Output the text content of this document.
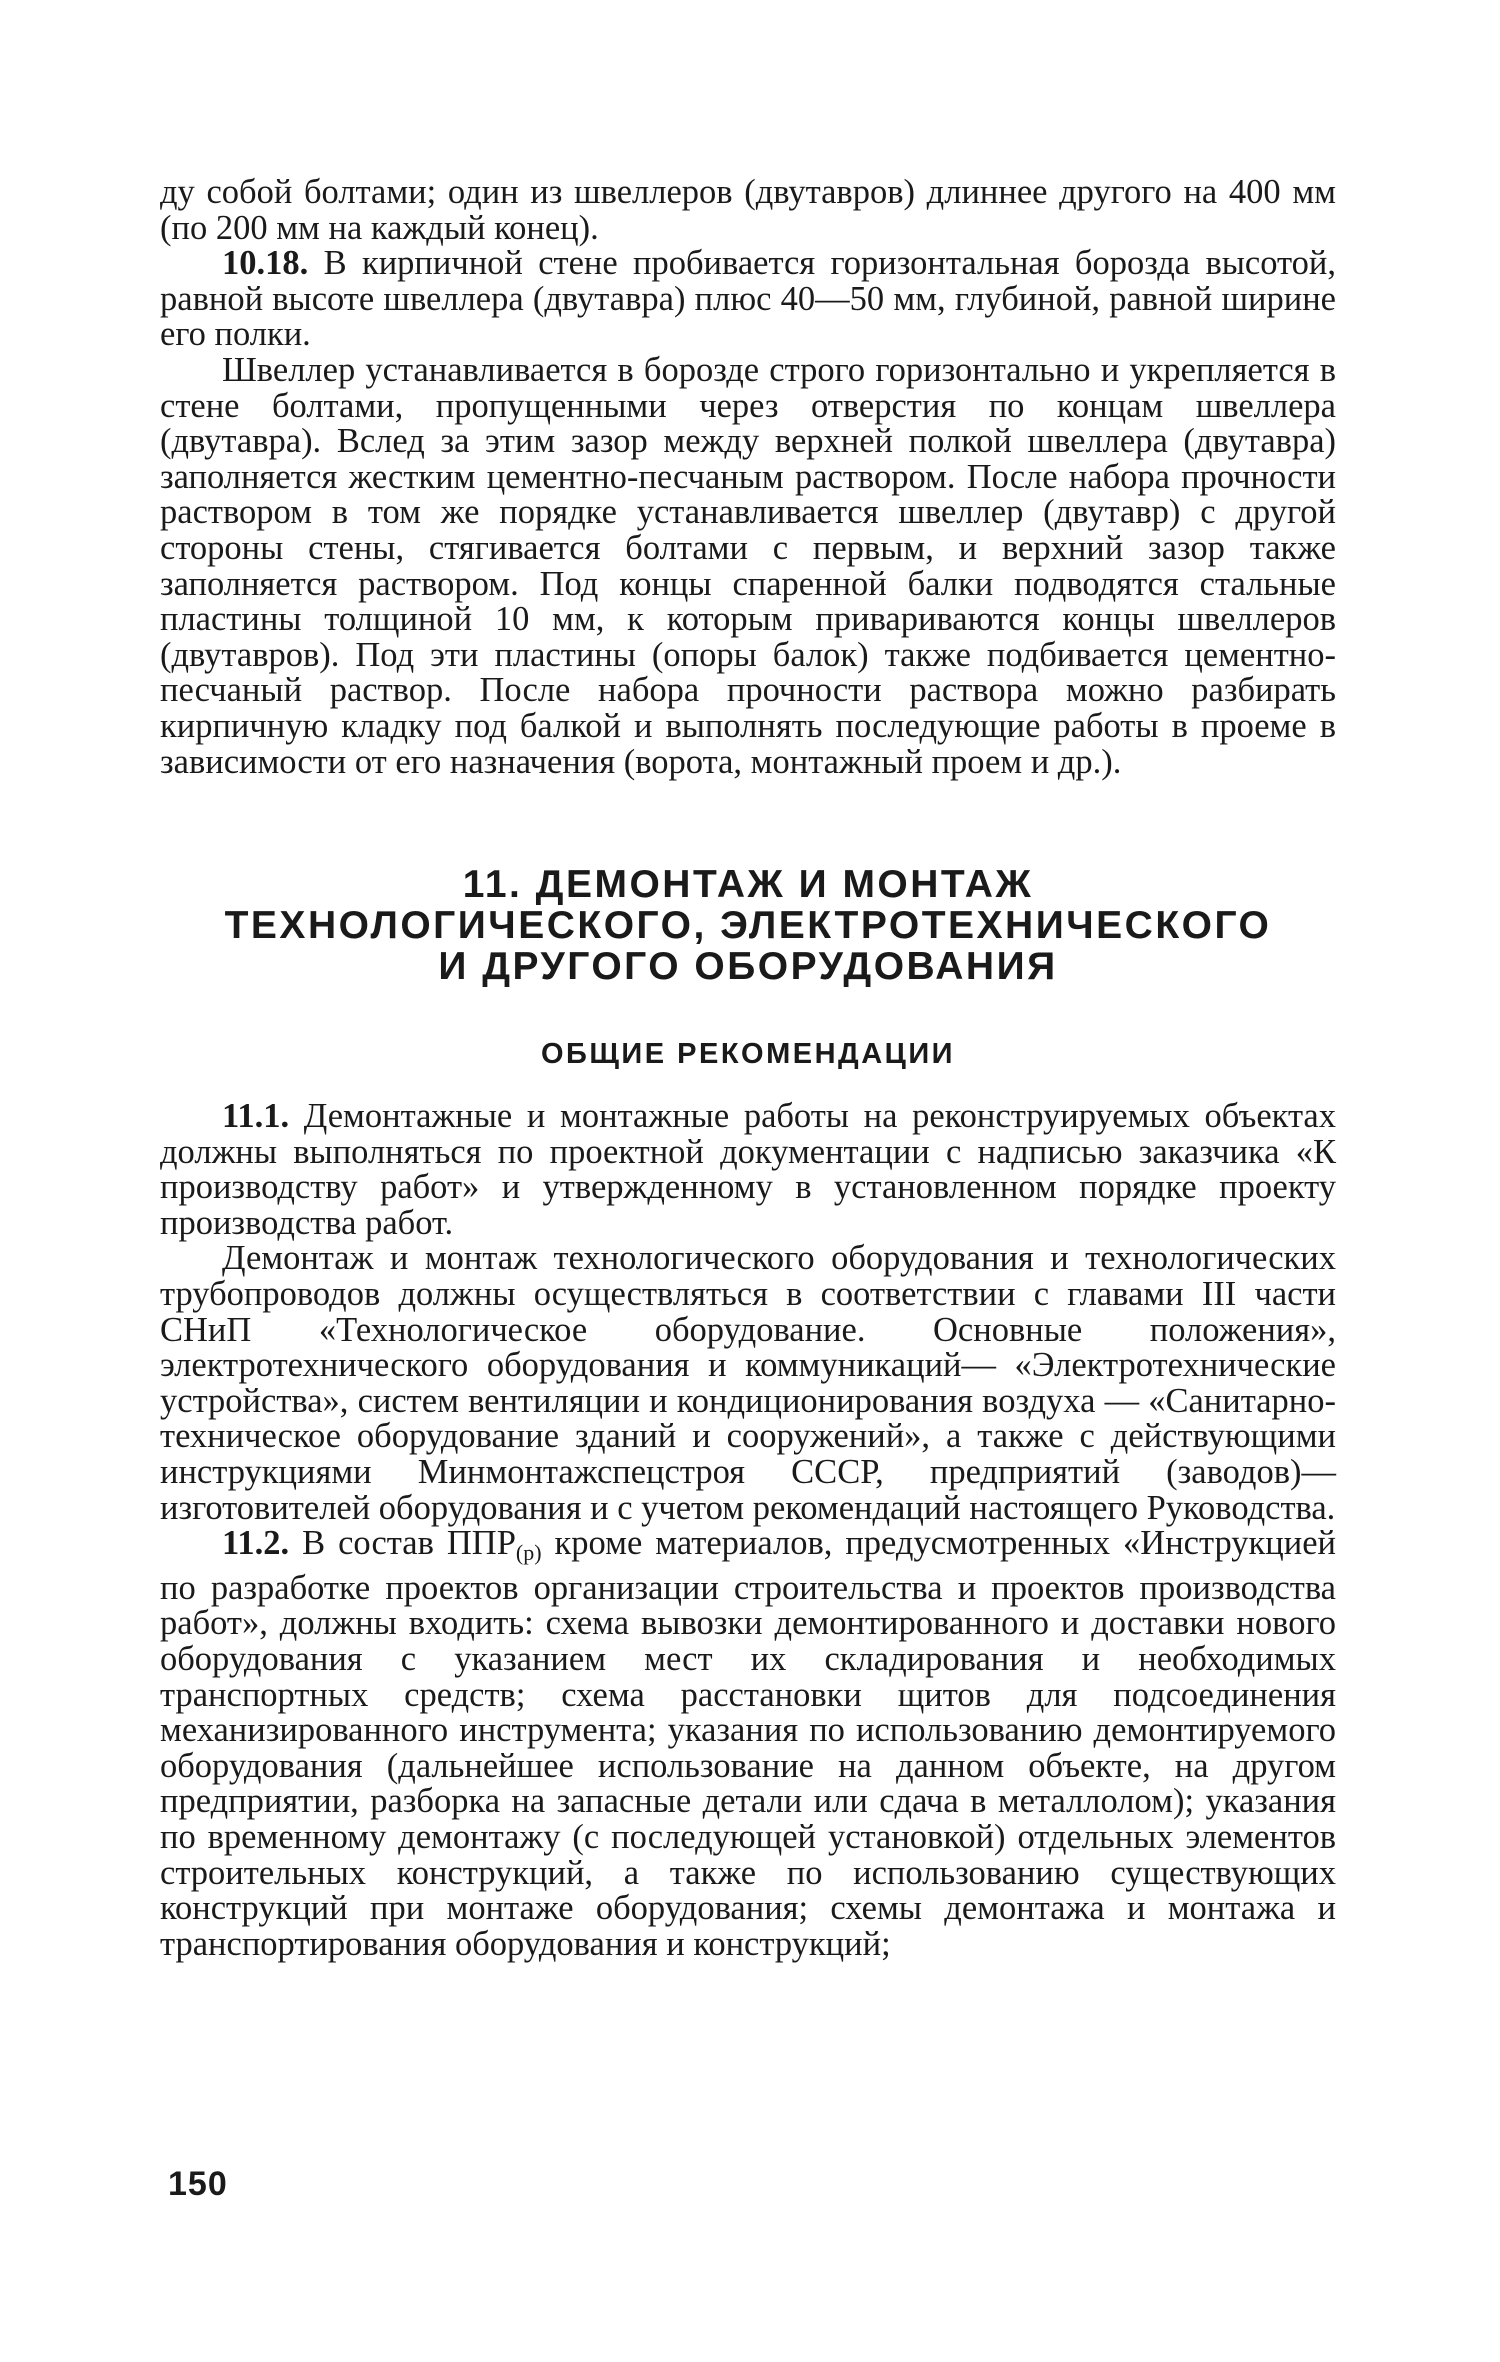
ду собой болтами; один из швеллеров (двутавров) длиннее другого на 400 мм (по 200 мм на каждый конец).

10.18. В кирпичной стене пробивается горизонтальная борозда высотой, равной высоте швеллера (двутавра) плюс 40—50 мм, глубиной, равной ширине его полки.

Швеллер устанавливается в борозде строго горизонтально и укрепляется в стене болтами, пропущенными через отверстия по концам швеллера (двутавра). Вслед за этим зазор между верхней полкой швеллера (двутавра) заполняется жестким цементно-песчаным раствором. После набора прочности раствором в том же порядке устанавливается швеллер (двутавр) с другой стороны стены, стягивается болтами с первым, и верхний зазор также заполняется раствором. Под концы спаренной балки подводятся стальные пластины толщиной 10 мм, к которым привариваются концы швеллеров (двутавров). Под эти пластины (опоры балок) также подбивается цементно-песчаный раствор. После набора прочности раствора можно разбирать кирпичную кладку под балкой и выполнять последующие работы в проеме в зависимости от его назначения (ворота, монтажный проем и др.).

11. ДЕМОНТАЖ И МОНТАЖ
ТЕХНОЛОГИЧЕСКОГО, ЭЛЕКТРОТЕХНИЧЕСКОГО
И ДРУГОГО ОБОРУДОВАНИЯ
ОБЩИЕ РЕКОМЕНДАЦИИ

11.1. Демонтажные и монтажные работы на реконструируемых объектах должны выполняться по проектной документации с надписью заказчика «К производству работ» и утвержденному в установленном порядке проекту производства работ.

Демонтаж и монтаж технологического оборудования и технологических трубопроводов должны осуществляться в соответствии с главами III части СНиП «Технологическое оборудование. Основные положения», электротехнического оборудования и коммуникаций— «Электротехнические устройства», систем вентиляции и кондиционирования воздуха — «Санитарно-техническое оборудование зданий и сооружений», а также с действующими инструкциями Минмонтажспецстроя СССР, предприятий (заводов)—изготовителей оборудования и с учетом рекомендаций настоящего Руководства.

11.2. В состав $ППР_{(р)}$ кроме материалов, предусмотренных «Инструкцией по разработке проектов организации строительства и проектов производства работ», должны входить: схема вывозки демонтированного и доставки нового оборудования с указанием мест их складирования и необходимых транспортных средств; схема расстановки щитов для подсоединения механизированного инструмента; указания по использованию демонтируемого оборудования (дальнейшее использование на данном объекте, на другом предприятии, разборка на запасные детали или сдача в металлолом); указания по временному демонтажу (с последующей установкой) отдельных элементов строительных конструкций, а также по использованию существующих конструкций при монтаже оборудования; схемы демонтажа и монтажа и транспортирования оборудования и конструкций;

150
